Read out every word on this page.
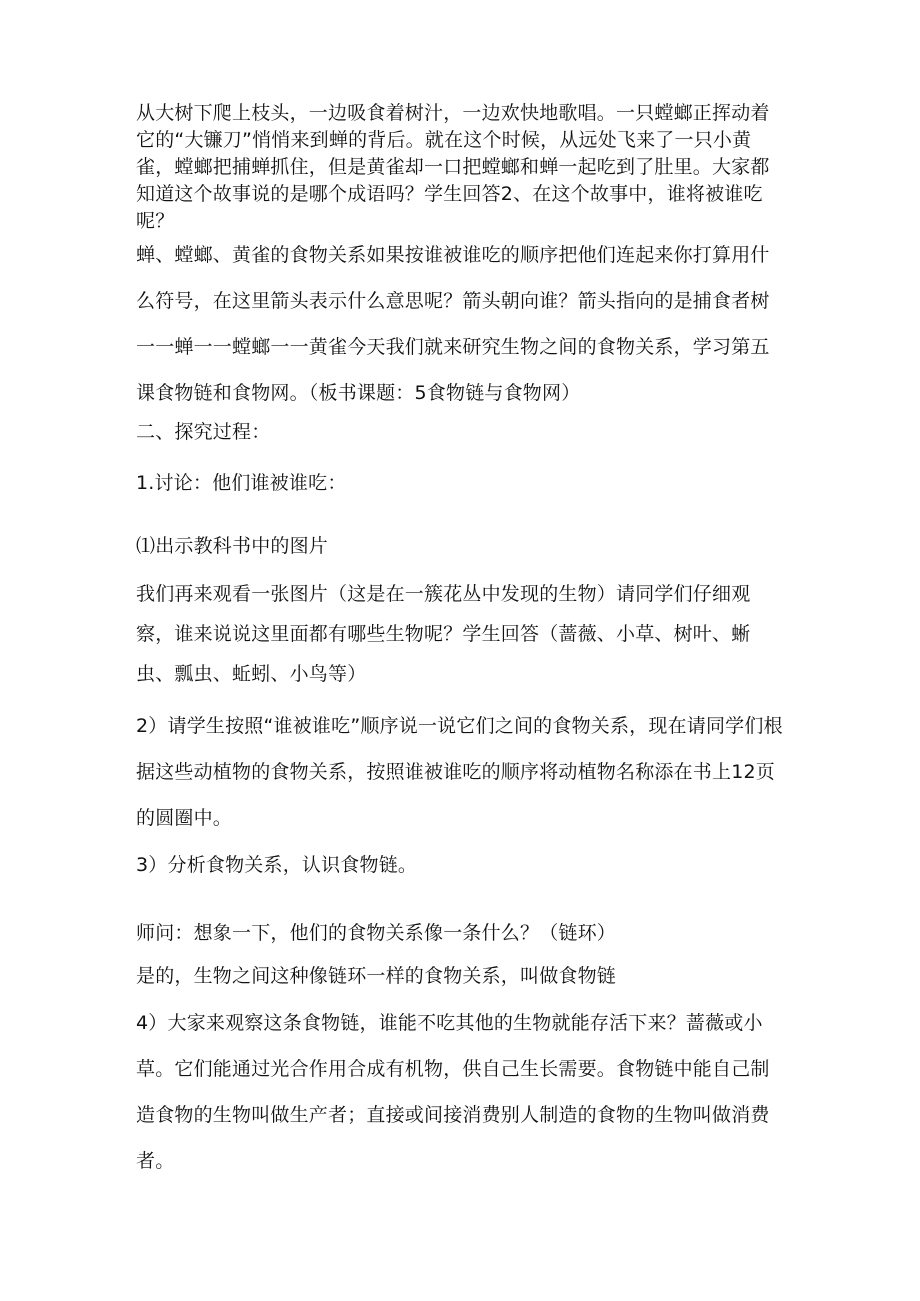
从大树下爬上枝头，一边吸食着树汁，一边欢快地歌唱。一只螳螂正挥动着它的“大镰刀”悄悄来到蝉的背后。就在这个时候，从远处飞来了一只小黄雀，螳螂把捕蝉抓住，但是黄雀却一口把螳螂和蝉一起吃到了肚里。大家都知道这个故事说的是哪个成语吗？学生回答2、在这个故事中，谁将被谁吃呢？

蝉、螳螂、黄雀的食物关系如果按谁被谁吃的顺序把他们连起来你打算用什么符号，在这里箭头表示什么意思呢？箭头朝向谁？箭头指向的是捕食者树一一蝉一一螳螂一一黄雀今天我们就来研究生物之间的食物关系，学习第五课食物链和食物网。（板书课题：5食物链与食物网）

二、探究过程：

1.讨论：他们谁被谁吃：

⑴出示教科书中的图片

我们再来观看一张图片（这是在一簇花丛中发现的生物）请同学们仔细观察，谁来说说这里面都有哪些生物呢？学生回答（蔷薇、小草、树叶、蜥虫、瓢虫、蚯蚓、小鸟等）

2）请学生按照“谁被谁吃”顺序说一说它们之间的食物关系，现在请同学们根据这些动植物的食物关系，按照谁被谁吃的顺序将动植物名称添在书上12页的圆圈中。

3）分析食物关系，认识食物链。

师问：想象一下，他们的食物关系像一条什么？（链环）

是的，生物之间这种像链环一样的食物关系，叫做食物链

4）大家来观察这条食物链，谁能不吃其他的生物就能存活下来？蔷薇或小草。它们能通过光合作用合成有机物，供自己生长需要。食物链中能自己制造食物的生物叫做生产者；直接或间接消费别人制造的食物的生物叫做消费者。
